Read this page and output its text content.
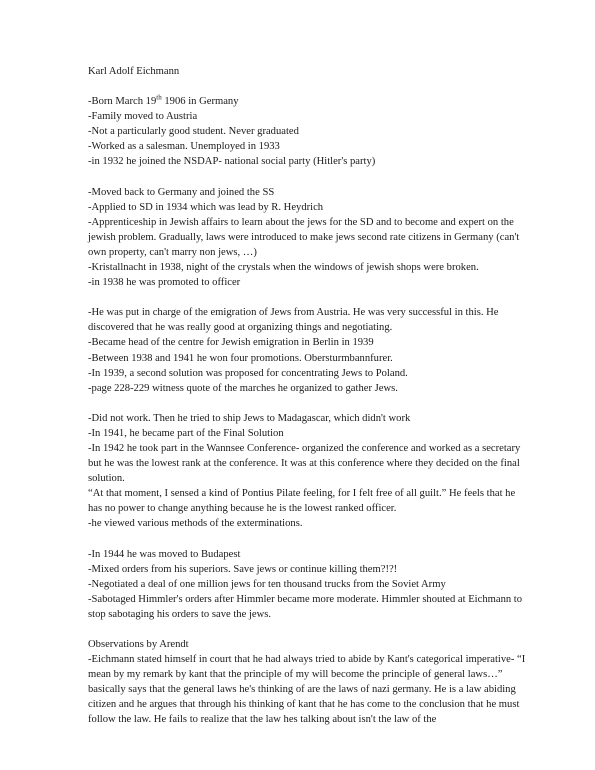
Karl Adolf Eichmann
-Born March 19th 1906 in Germany
-Family moved to Austria
-Not a particularly good student. Never graduated
-Worked as a salesman. Unemployed in 1933
-in 1932 he joined the NSDAP- national social party (Hitler's party)
-Moved back to Germany and joined the SS
-Applied to SD in 1934 which was lead by R. Heydrich
-Apprenticeship in Jewish affairs to learn about the jews for the SD and to become and expert on the jewish problem. Gradually, laws were introduced to make jews second rate citizens in Germany (can't own property, can't marry non jews, …)
-Kristallnacht in 1938, night of the crystals when the windows of jewish shops were broken.
-in 1938 he was promoted to officer
-He was put in charge of the emigration of Jews from Austria. He was very successful in this. He discovered that he was really good at organizing things and negotiating.
-Became head of the centre for Jewish emigration in Berlin in 1939
-Between 1938 and 1941 he won four promotions. Obersturmbannfurer.
-In 1939, a second solution was proposed for concentrating Jews to Poland.
-page 228-229 witness quote of the marches he organized to gather Jews.
-Did not work. Then he tried to ship Jews to Madagascar, which didn't work
-In 1941, he became part of the Final Solution
-In 1942 he took part in the Wannsee Conference- organized the conference and worked as a secretary but he was the lowest rank at the conference. It was at this conference where they decided on the final solution.
“At that moment, I sensed a kind of Pontius Pilate feeling, for I felt free of all guilt.” He feels that he has no power to change anything because he is the lowest ranked officer.
-he viewed various methods of the exterminations.
-In 1944 he was moved to Budapest
-Mixed orders from his superiors. Save jews or continue killing them?!?!
-Negotiated a deal of one million jews for ten thousand trucks from the Soviet Army
-Sabotaged Himmler's orders after Himmler became more moderate. Himmler shouted at Eichmann to stop sabotaging his orders to save the jews.
Observations by Arendt
-Eichmann stated himself in court that he had always tried to abide by Kant's categorical imperative- “I mean by my remark by kant that the principle of my will become the principle of general laws…” basically says that the general laws he's thinking of are the laws of nazi germany. He is a law abiding citizen and he argues that through his thinking of kant that he has come to the conclusion that he must follow the law. He fails to realize that the law hes talking about isn't the law of the
